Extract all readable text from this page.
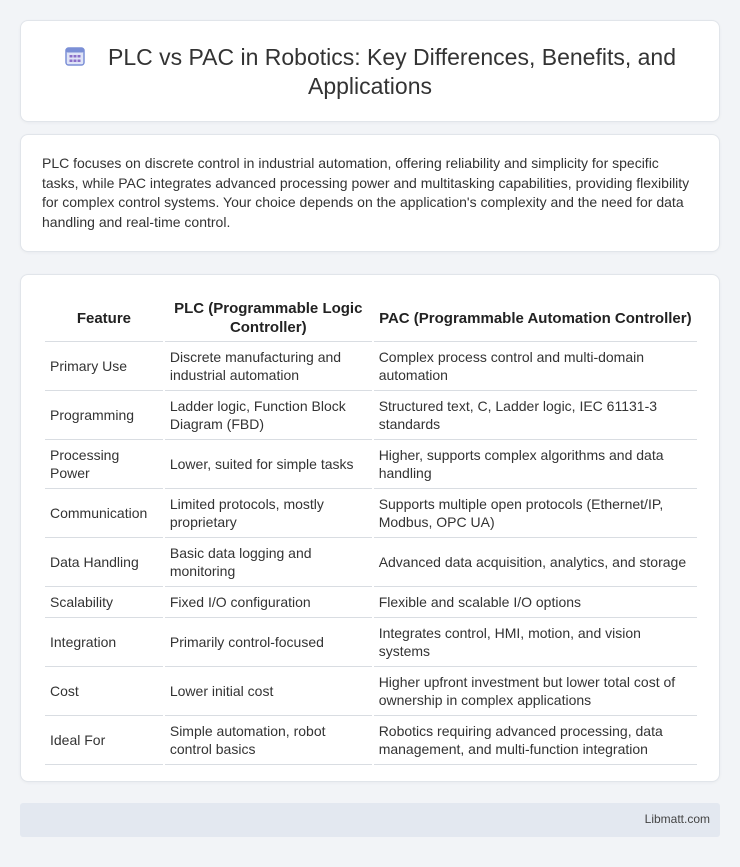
PLC vs PAC in Robotics: Key Differences, Benefits, and Applications

PLC focuses on discrete control in industrial automation, offering reliability and simplicity for specific tasks, while PAC integrates advanced processing power and multitasking capabilities, providing flexibility for complex control systems. Your choice depends on the application's complexity and the need for data handling and real-time control.

Feature	PLC (Programmable Logic Controller)	PAC (Programmable Automation Controller)
Primary Use	Discrete manufacturing and industrial automation	Complex process control and multi-domain automation
Programming	Ladder logic, Function Block Diagram (FBD)	Structured text, C, Ladder logic, IEC 61131-3 standards
Processing Power	Lower, suited for simple tasks	Higher, supports complex algorithms and data handling
Communication	Limited protocols, mostly proprietary	Supports multiple open protocols (Ethernet/IP, Modbus, OPC UA)
Data Handling	Basic data logging and monitoring	Advanced data acquisition, analytics, and storage
Scalability	Fixed I/O configuration	Flexible and scalable I/O options
Integration	Primarily control-focused	Integrates control, HMI, motion, and vision systems
Cost	Lower initial cost	Higher upfront investment but lower total cost of ownership in complex applications
Ideal For	Simple automation, robot control basics	Robotics requiring advanced processing, data management, and multi-function integration
Libmatt.com
